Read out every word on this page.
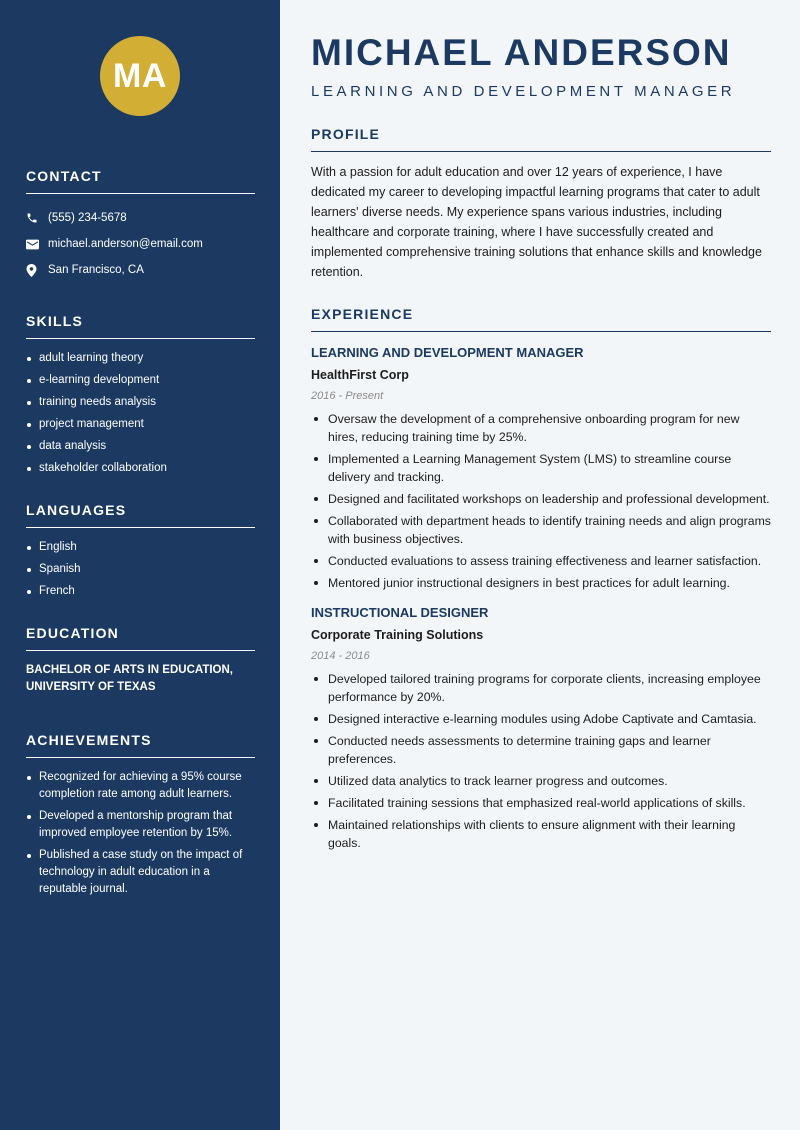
MA
CONTACT
(555) 234-5678
michael.anderson@email.com
San Francisco, CA
SKILLS
adult learning theory
e-learning development
training needs analysis
project management
data analysis
stakeholder collaboration
LANGUAGES
English
Spanish
French
EDUCATION

BACHELOR OF ARTS IN EDUCATION, UNIVERSITY OF TEXAS

ACHIEVEMENTS
Recognized for achieving a 95% course completion rate among adult learners.
Developed a mentorship program that improved employee retention by 15%.
Published a case study on the impact of technology in adult education in a reputable journal.
MICHAEL ANDERSON
LEARNING AND DEVELOPMENT MANAGER
PROFILE

With a passion for adult education and over 12 years of experience, I have dedicated my career to developing impactful learning programs that cater to adult learners' diverse needs. My experience spans various industries, including healthcare and corporate training, where I have successfully created and implemented comprehensive training solutions that enhance skills and knowledge retention.

EXPERIENCE
LEARNING AND DEVELOPMENT MANAGER
HealthFirst Corp
2016 - Present
Oversaw the development of a comprehensive onboarding program for new hires, reducing training time by 25%.
Implemented a Learning Management System (LMS) to streamline course delivery and tracking.
Designed and facilitated workshops on leadership and professional development.
Collaborated with department heads to identify training needs and align programs with business objectives.
Conducted evaluations to assess training effectiveness and learner satisfaction.
Mentored junior instructional designers in best practices for adult learning.
INSTRUCTIONAL DESIGNER
Corporate Training Solutions
2014 - 2016
Developed tailored training programs for corporate clients, increasing employee performance by 20%.
Designed interactive e-learning modules using Adobe Captivate and Camtasia.
Conducted needs assessments to determine training gaps and learner preferences.
Utilized data analytics to track learner progress and outcomes.
Facilitated training sessions that emphasized real-world applications of skills.
Maintained relationships with clients to ensure alignment with their learning goals.
